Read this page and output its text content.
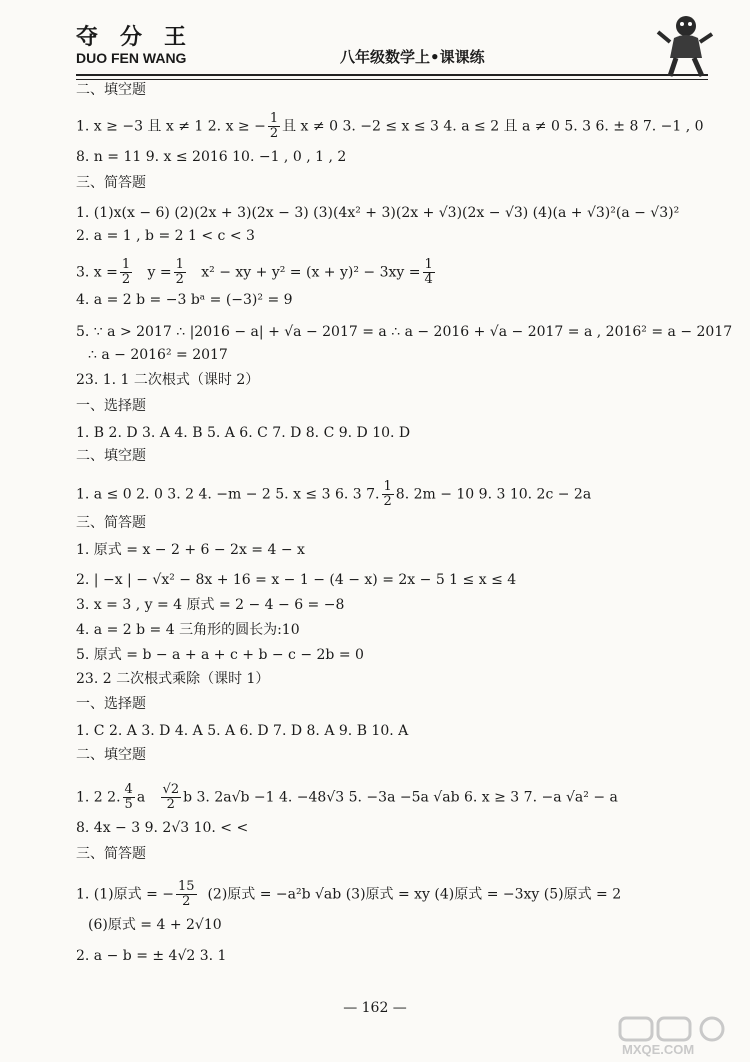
夺分王
DUO FEN WANG	八年级数学上•课课练
二、填空题
1. x ≥ −3 且 x ≠ 1 2. x ≥ − $\frac{1}{2}$ 且 x ≠ 0 3. −2 ≤ x ≤ 3 4. a ≤ 2 且 a ≠ 0 5. 3 6. ± 8 7. −1 , 0
8. n = 11 9. x ≤ 2016 10. −1 , 0 , 1 , 2
三、简答题
1. (1)x(x − 6) (2)(2x + 3)(2x − 3) (3)(4x² + 3)(2x + √3)(2x − √3) (4)(a + √3)²(a − √3)²
2. a = 1 , b = 2 1 < c < 3
3. $x = \frac{1}{2}$ $y = \frac{1}{2} x^2$ − xy + $y^2 = (x + y)^2 - 3xy = \frac{1}{4}$
4. a = 2 b = −3 bᵃ = (−3)² = 9
5. ∵ a > 2017 ∴ |2016 − a| + √a − 2017 = a ∴ a − 2016 + √a − 2017 = a , 2016² = a − 2017
∴ a − 2016² = 2017
23. 1. 1 二次根式（课时 2）
一、选择题
1. B 2. D 3. A 4. B 5. A 6. C 7. D 8. C 9. D 10. D
二、填空题
1. a ≤ 0 2. 0 3. 2 4. −m − 2 5. x ≤ 3 6. 3 7. $\frac{1}{2} 8$. 2m − 10 9. 3 10. 2c − 2a
三、简答题
1. 原式 = x − 2 + 6 − 2x = 4 − x
2. | −x | − √x² − 8x + 16 = x − 1 − (4 − x) = 2x − 5 1 ≤ x ≤ 4
3. x = 3 , y = 4 原式 = 2 − 4 − 6 = −8
4. a = 2 b = 4 三角形的圆长为:10
5. 原式 = b − a + a + c + b − c − 2b = 0
23. 2 二次根式乘除（课时 1）
一、选择题
1. C 2. A 3. D 4. A 5. A 6. D 7. D 8. A 9. B 10. A
二、填空题
1. 2 2. $\frac{4}{5}$ a $\frac{√2}{2}$ b 3. 2a√b −1 4. −48√3 5. −3a −5a √ab 6. x ≥ 3 7. −a √a² − a
8. 4x − 3 9. 2√3 10. < <
三、简答题
1. (1)原式 = − $\frac{15}{2} (2)$原式 = −a²b √ab (3)原式 = xy (4)原式 = −3xy (5)原式 = 2
(6)原式 = 4 + 2√10
2. a − b = ± 4√2 3. 1
— 162 —
MXQE.COM
